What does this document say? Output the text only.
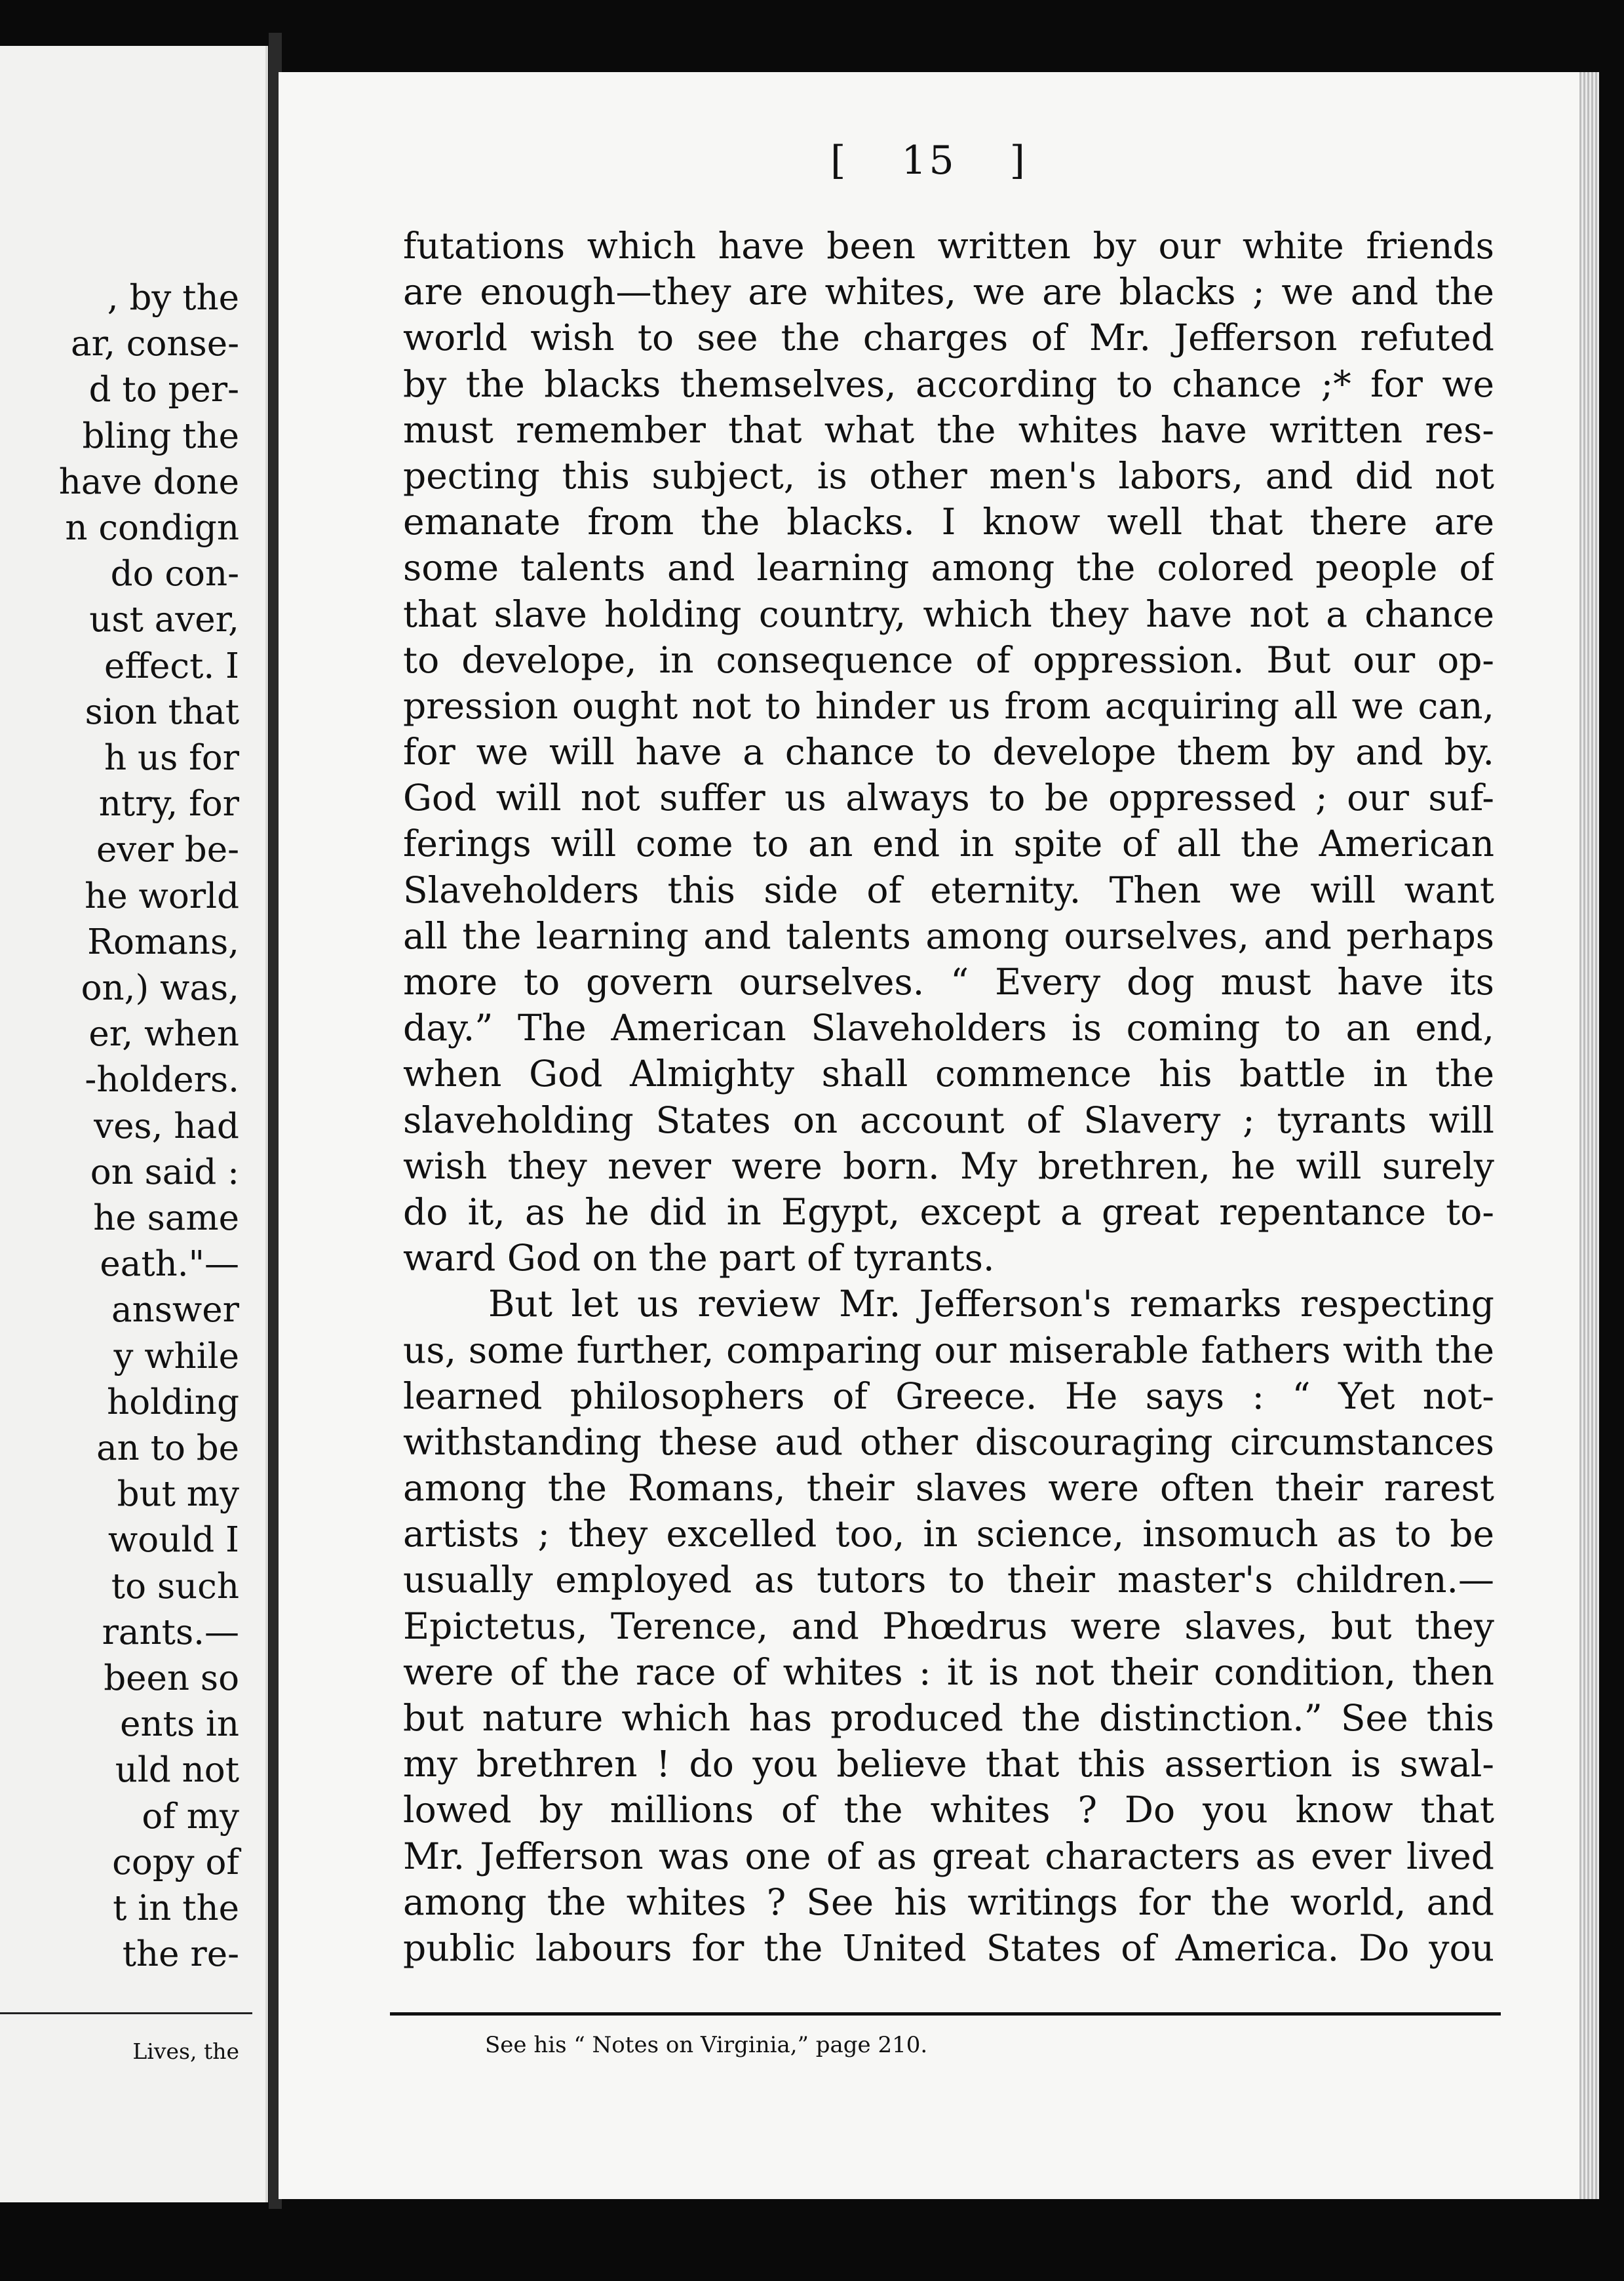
, by the
ar, conse-
d to per-
bling the
have done
n condign
do con-
ust aver,
effect. I
sion that
h us for
ntry, for
ever be-
he world
Romans,
on,) was,
er, when
-holders.
ves, had
on said :
he same
eath."—
answer
y while
holding
an to be
but my
would I
to such
rants.—
been so
ents in
uld not
of my
copy of
t in the
the re-
Lives, the
[ 15 ]
futations which have been written by our white friends
are enough—they are whites, we are blacks ; we and the
world wish to see the charges of Mr. Jefferson refuted
by the blacks themselves, according to chance ;* for we
must remember that what the whites have written res-
pecting this subject, is other men's labors, and did not
emanate from the blacks. I know well that there are
some talents and learning among the colored people of
that slave holding country, which they have not a chance
to develope, in consequence of oppression. But our op-
pression ought not to hinder us from acquiring all we can,
for we will have a chance to develope them by and by.
God will not suffer us always to be oppressed ; our suf-
ferings will come to an end in spite of all the American
Slaveholders this side of eternity. Then we will want
all the learning and talents among ourselves, and perhaps
more to govern ourselves. “ Every dog must have its
day.” The American Slaveholders is coming to an end,
when God Almighty shall commence his battle in the
slaveholding States on account of Slavery ; tyrants will
wish they never were born. My brethren, he will surely
do it, as he did in Egypt, except a great repentance to-
ward God on the part of tyrants.
But let us review Mr. Jefferson's remarks respecting
us, some further, comparing our miserable fathers with the
learned philosophers of Greece. He says : “ Yet not-
withstanding these aud other discouraging circumstances
among the Romans, their slaves were often their rarest
artists ; they excelled too, in science, insomuch as to be
usually employed as tutors to their master's children.—
Epictetus, Terence, and Phœdrus were slaves, but they
were of the race of whites : it is not their condition, then
but nature which has produced the distinction.” See this
my brethren ! do you believe that this assertion is swal-
lowed by millions of the whites ? Do you know that
Mr. Jefferson was one of as great characters as ever lived
among the whites ? See his writings for the world, and
public labours for the United States of America. Do you
See his “ Notes on Virginia,” page 210.
